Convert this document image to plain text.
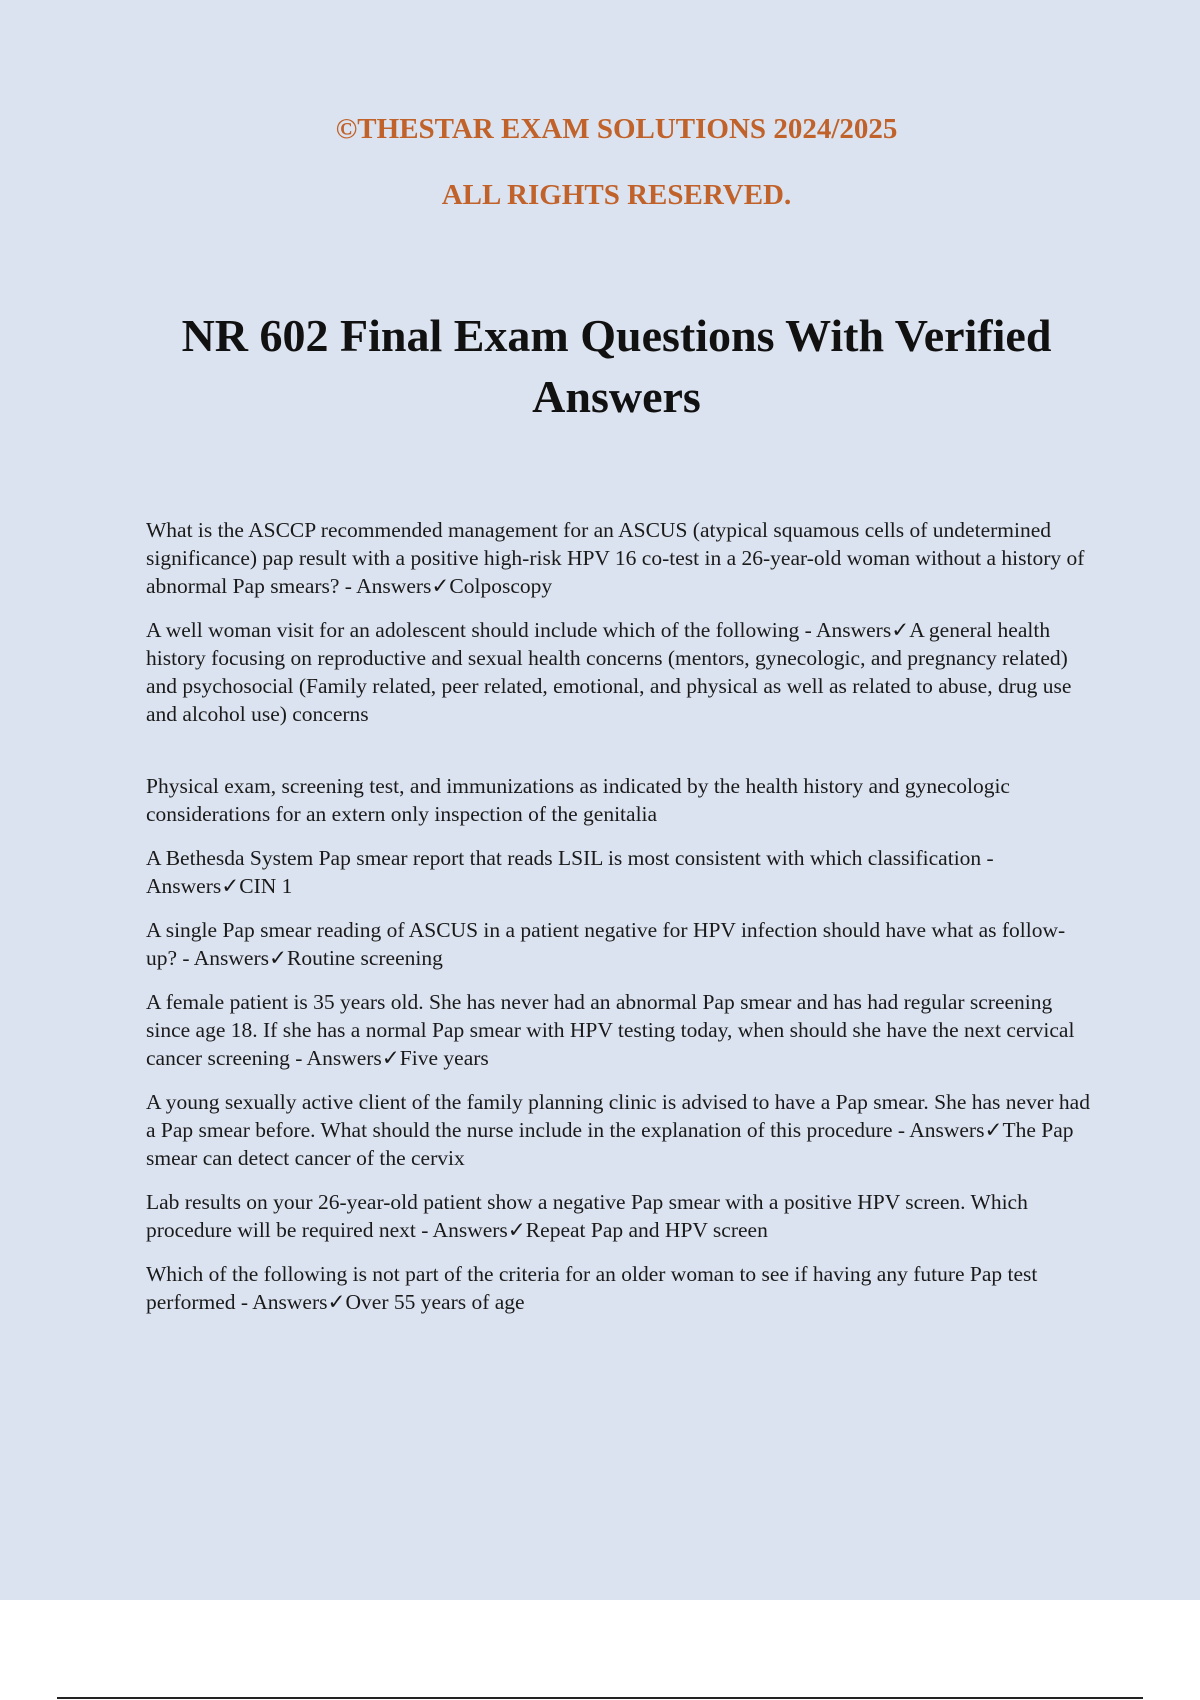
©THESTAR EXAM SOLUTIONS 2024/2025
ALL RIGHTS RESERVED.
NR 602 Final Exam Questions With Verified Answers

What is the ASCCP recommended management for an ASCUS (atypical squamous cells of undetermined significance) pap result with a positive high-risk HPV 16 co-test in a 26-year-old woman without a history of abnormal Pap smears? - Answers✓Colposcopy

A well woman visit for an adolescent should include which of the following - Answers✓A general health history focusing on reproductive and sexual health concerns (mentors, gynecologic, and pregnancy related) and psychosocial (Family related, peer related, emotional, and physical as well as related to abuse, drug use and alcohol use) concerns

Physical exam, screening test, and immunizations as indicated by the health history and gynecologic considerations for an extern only inspection of the genitalia

A Bethesda System Pap smear report that reads LSIL is most consistent with which classification - Answers✓CIN 1

A single Pap smear reading of ASCUS in a patient negative for HPV infection should have what as follow-up? - Answers✓Routine screening

A female patient is 35 years old. She has never had an abnormal Pap smear and has had regular screening since age 18. If she has a normal Pap smear with HPV testing today, when should she have the next cervical cancer screening - Answers✓Five years

A young sexually active client of the family planning clinic is advised to have a Pap smear. She has never had a Pap smear before. What should the nurse include in the explanation of this procedure - Answers✓The Pap smear can detect cancer of the cervix

Lab results on your 26-year-old patient show a negative Pap smear with a positive HPV screen. Which procedure will be required next - Answers✓Repeat Pap and HPV screen

Which of the following is not part of the criteria for an older woman to see if having any future Pap test performed - Answers✓Over 55 years of age
